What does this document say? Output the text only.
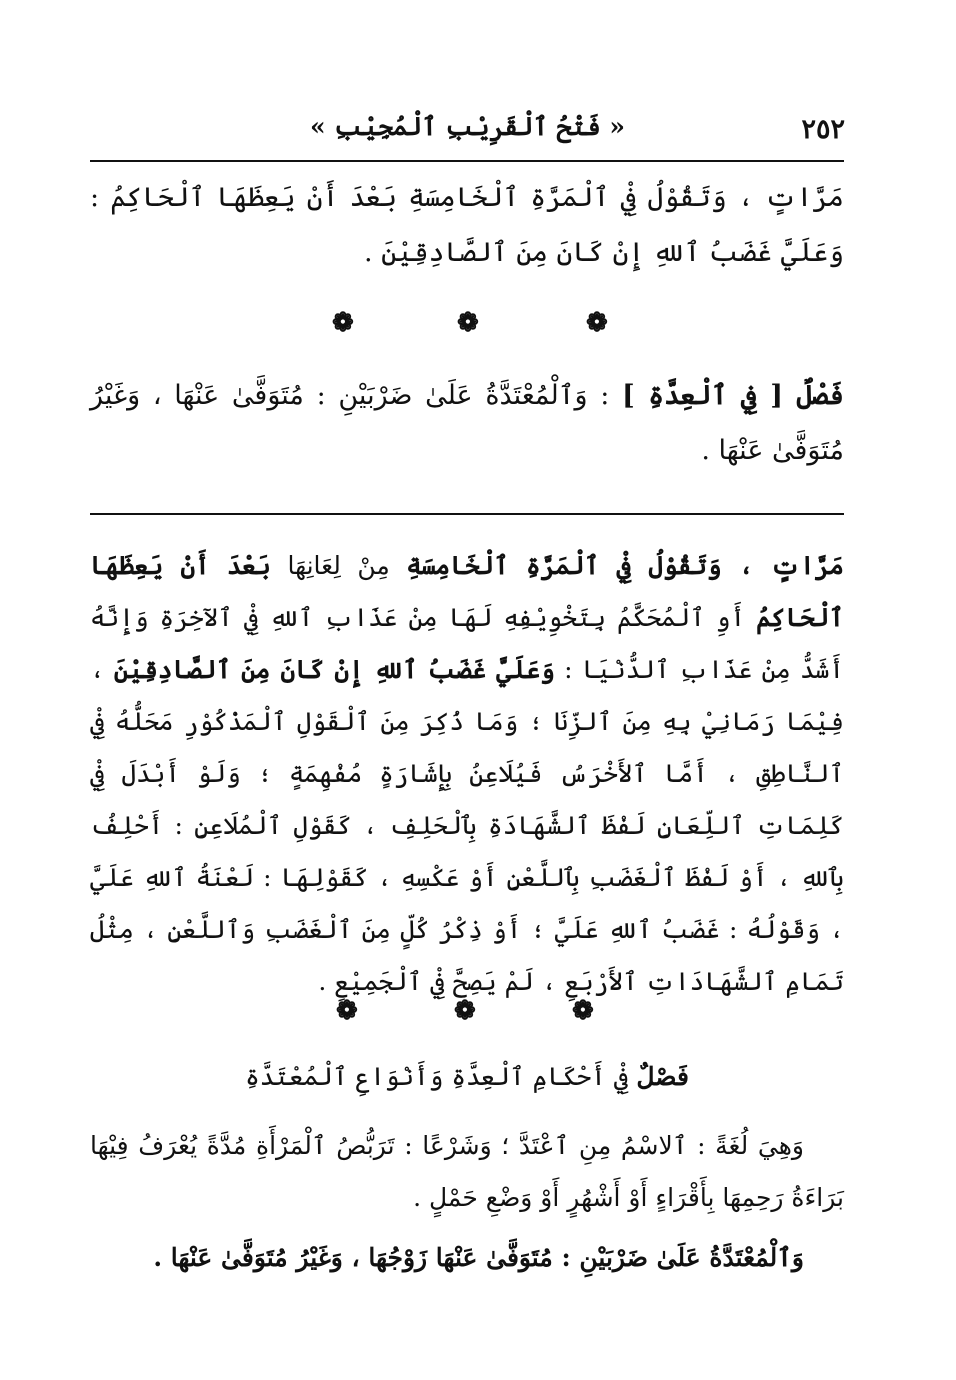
« فَتْحُ ٱلْقَرِيْبِ ٱلْمُجِيْبِ »	٢٥٢

مَرَّاتٍ ، وَتَقُوْلُ فِيْ ٱلْمَرَّةِ ٱلْخَامِسَةِ بَعْدَ أَنْ يَعِظَهَا ٱلْحَاكِمُ : وَعَلَيَّ غَضَبُ ٱللهِ إِنْ كَانَ مِنَ ٱلصَّادِقِيْنَ .

❁	❁	❁

فَصْلٌ [ فِي ٱلْعِدَّةِ ] : وَٱلْمُعْتَدَّةُ عَلَىٰ ضَرْبَيْنِ : مُتَوَفَّىٰ عَنْهَا ، وَغَيْرُ مُتَوَفَّىٰ عَنْهَا .

مَرَّاتٍ ، وَتَقُوْلُ فِيْ ٱلْمَرَّةِ ٱلْخَامِسَةِ مِنْ لِعَانِهَا بَعْدَ أَنْ يَعِظَهَا ٱلْحَاكِمُ أَوِ ٱلْمُحَكَّمُ بِتَخْوِيْفِهِ لَهَا مِنْ عَذَابِ ٱللهِ فِيْ ٱلآخِرَةِ وَإِنَّهُ أَشَدُّ مِنْ عَذَابِ ٱلدُّنْيَا : وَعَلَيَّ غَضَبُ ٱللهِ إِنْ كَانَ مِنَ ٱلصَّادِقِيْنَ ، فِيْمَا رَمَانِيْ بِهِ مِنَ ٱلزِّنَا ؛ وَمَا ذُكِرَ مِنَ ٱلْقَوْلِ ٱلْمَذْكُوْرِ مَحَلُّهُ فِيْ ٱلنَّاطِقِ ، أَمَّا ٱلأَخْرَسُ فَيُلَاعِنُ بِإِشَارَةٍ مُفْهِمَةٍ ؛ وَلَوْ أَبْدَلَ فِيْ كَلِمَاتِ ٱللِّعَانِ لَفْظَ ٱلشَّهَادَةِ بِٱلْحَلِفِ ، كَقَوْلِ ٱلْمُلَاعِنِ : أَحْلِفُ بِٱللهِ ، أَوْ لَفْظَ ٱلْغَضَبِ بِٱللَّعْنِ أَوْ عَكْسِهِ ، كَقَوْلِهَا : لَعْنَةُ ٱللهِ عَلَيَّ ، وَقَوْلُهُ : غَضَبُ ٱللهِ عَلَيَّ ؛ أَوْ ذِكْرُ كُلٍّ مِنَ ٱلْغَضَبِ وَٱللَّعْنِ ، مِثْلُ تَمَامِ ٱلشَّهَادَاتِ ٱلأَرْبَعِ ، لَمْ يَصِحَّ فِيْ ٱلْجَمِيْعِ .

❁	❁	❁
فَصْلٌ فِيْ أَحْكَامِ ٱلْعِدَّةِ وَأَنْوَاعِ ٱلْمُعْتَدَّةِ

وَهِيَ لُغَةً : ٱلاسْمُ مِنِ ٱعْتَدَّ ؛ وَشَرْعًا : تَرَبُّصُ ٱلْمَرْأَةِ مُدَّةً يُعْرَفُ فِيْهَا بَرَاءَةُ رَحِمِهَا بِأَقْرَاءٍ أَوْ أَشْهُرٍ أَوْ وَضْعِ حَمْلٍ .

وَٱلْمُعْتَدَّةُ عَلَىٰ ضَرْبَيْنِ : مُتَوَفَّىٰ عَنْهَا زَوْجُهَا ، وَغَيْرُ مُتَوَفَّىٰ عَنْهَا .
